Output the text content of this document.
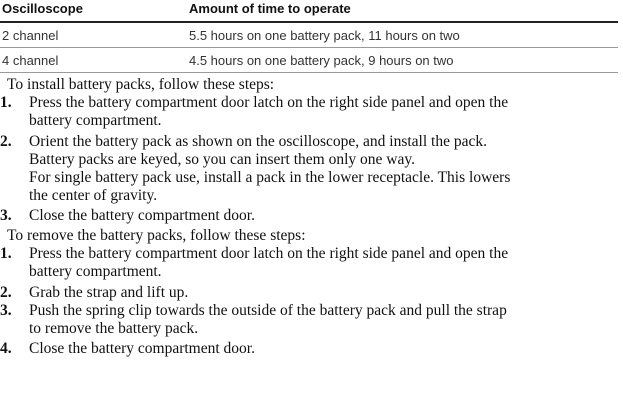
Oscilloscope	Amount of time to operate
2 channel	5.5 hours on one battery pack, 11 hours on two
4 channel	4.5 hours on one battery pack, 9 hours on two
To install battery packs, follow these steps:
1. Press the battery compartment door latch on the right side panel and open the
battery compartment.

2. Orient the battery pack as shown on the oscilloscope, and install the pack.
Battery packs are keyed, so you can insert them only one way.
For single battery pack use, install a pack in the lower receptacle. This lowers
the center of gravity.

3. Close the battery compartment door.

To remove the battery packs, follow these steps:
1. Press the battery compartment door latch on the right side panel and open the
battery compartment.

2. Grab the strap and lift up.

3. Push the spring clip towards the outside of the battery pack and pull the strap
to remove the battery pack.

4. Close the battery compartment door.
